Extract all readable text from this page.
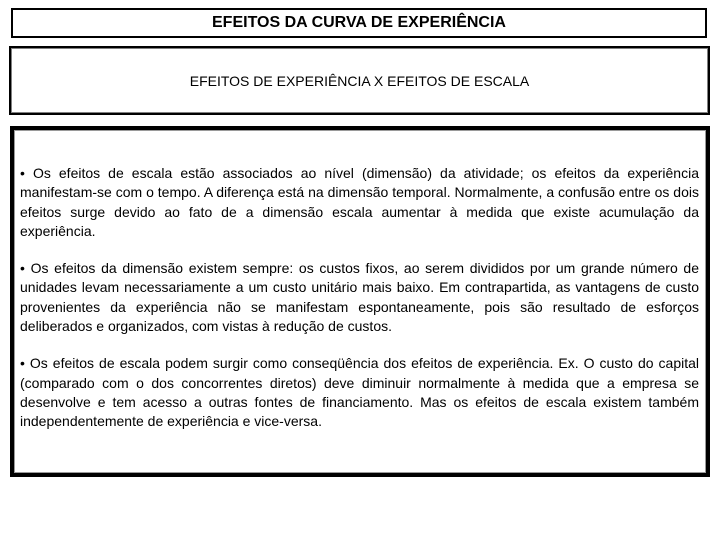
EFEITOS DA CURVA DE EXPERIÊNCIA
EFEITOS DE EXPERIÊNCIA X EFEITOS DE ESCALA

• Os efeitos de escala estão associados ao nível (dimensão) da atividade; os efeitos da experiência manifestam-se com o tempo. A diferença está na dimensão temporal. Normalmente, a confusão entre os dois efeitos surge devido ao fato de a dimensão escala aumentar à medida que existe acumulação da experiência.

• Os efeitos da dimensão existem sempre: os custos fixos, ao serem divididos por um grande número de unidades levam necessariamente a um custo unitário mais baixo. Em contrapartida, as vantagens de custo provenientes da experiência não se manifestam espontaneamente, pois são resultado de esforços deliberados e organizados, com vistas à redução de custos.

• Os efeitos de escala podem surgir como conseqüência dos efeitos de experiência. Ex. O custo do capital (comparado com o dos concorrentes diretos) deve diminuir normalmente à medida que a empresa se desenvolve e tem acesso a outras fontes de financiamento. Mas os efeitos de escala existem também independentemente de experiência e vice-versa.
